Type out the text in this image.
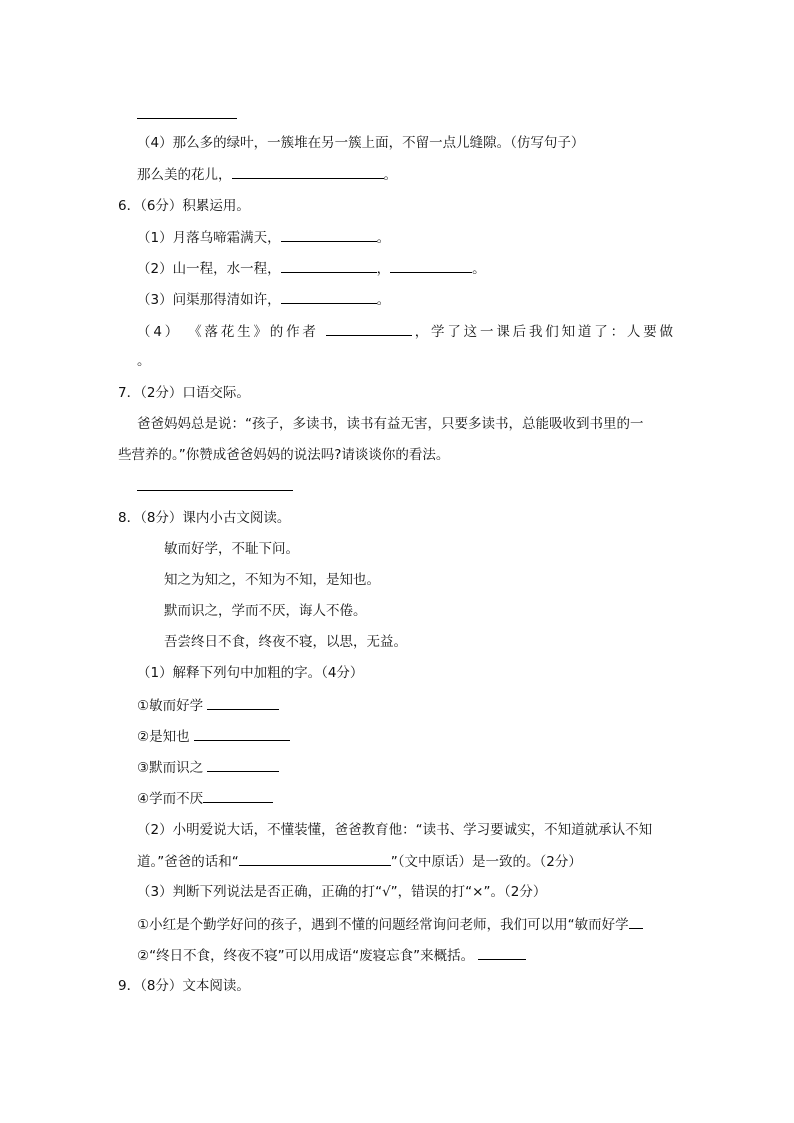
（4）那么多的绿叶，一簇堆在另一簇上面，不留一点儿缝隙。（仿写句子）
那么美的花儿，	。
6．（6分）积累运用。
（1）月落乌啼霜满天，	。
（2）山一程，水一程，	，	。
（3）问渠那得清如许，	。
（4） 《落花生》的作者	，学了这一课后我们知道了：人要做
。
7．（2分）口语交际。
爸爸妈妈总是说：“孩子，多读书，读书有益无害，只要多读书，总能吸收到书里的一
些营养的。”你赞成爸爸妈妈的说法吗?请谈谈你的看法。
8．（8分）课内小古文阅读。
敏而好学，不耻下问。
知之为知之，不知为不知，是知也。
默而识之，学而不厌，诲人不倦。
吾尝终日不食，终夜不寝，以思，无益。
（1）解释下列句中加粗的字。（4分）
①敏而好学
②是知也
③默而识之
④学而不厌
（2）小明爱说大话，不懂装懂，爸爸教育他：“读书、学习要诚实，不知道就承认不知
道。”爸爸的话和“	”（文中原话）是一致的。（2分）
（3）判断下列说法是否正确，正确的打“√”，错误的打“×”。（2分）
①小红是个勤学好问的孩子，遇到不懂的问题经常询问老师，我们可以用“敏而好学
②“终日不食，终夜不寝”可以用成语“废寝忘食”来概括。
9．（8分）文本阅读。
